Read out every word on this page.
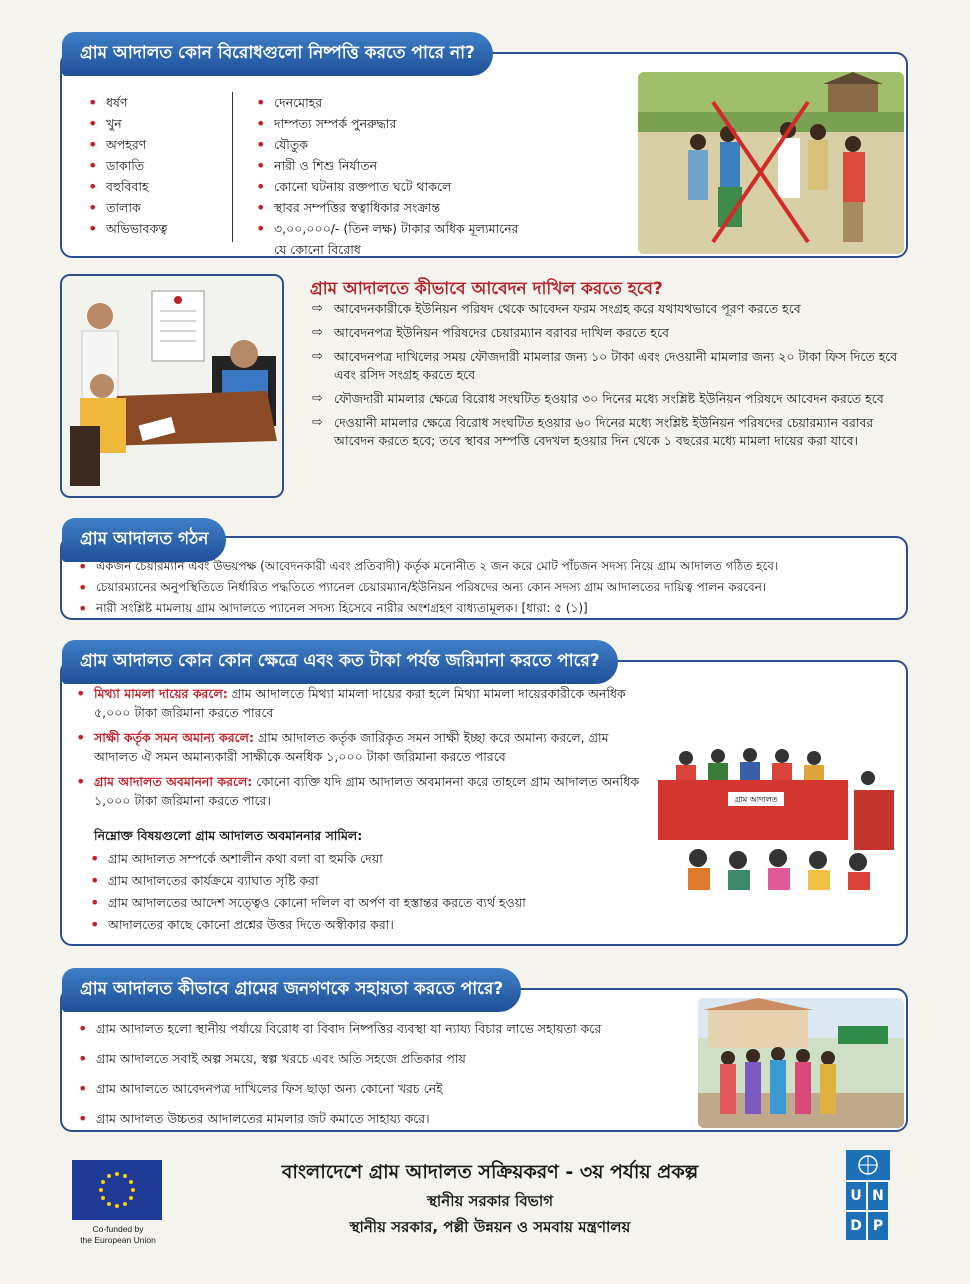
গ্রাম আদালত কোন বিরোধগুলো নিষ্পত্তি করতে পারে না?
• ধর্ষণ
• খুন
• অপহরণ
• ডাকাতি
• বহুবিবাহ
• তালাক
• অভিভাবকত্ব
• দেনমোহর
• দাম্পত্য সম্পর্ক পুনরুদ্ধার
• যৌতুক
• নারী ও শিশু নির্যাতন
• কোনো ঘটনায় রক্তপাত ঘটে থাকলে
• স্থাবর সম্পত্তির স্বত্বাধিকার সংক্রান্ত
• ৩,০০,০০০/- (তিন লক্ষ) টাকার অধিক মূল্যমানের যে কোনো বিরোধ
গ্রাম আদালতে কীভাবে আবেদন দাখিল করতে হবে?
⇨ আবেদনকারীকে ইউনিয়ন পরিষদ থেকে আবেদন ফরম সংগ্রহ করে যথাযথভাবে পূরণ করতে হবে
⇨ আবেদনপত্র ইউনিয়ন পরিষদের চেয়ারম্যান বরাবর দাখিল করতে হবে
⇨ আবেদনপত্র দাখিলের সময় ফৌজদারী মামলার জন্য ১০ টাকা এবং দেওয়ানী মামলার জন্য ২০ টাকা ফিস দিতে হবে এবং রসিদ সংগ্রহ করতে হবে
⇨ ফৌজদারী মামলার ক্ষেত্রে বিরোধ সংঘটিত হওয়ার ৩০ দিনের মধ্যে সংশ্লিষ্ট ইউনিয়ন পরিষদে আবেদন করতে হবে
⇨ দেওয়ানী মামলার ক্ষেত্রে বিরোধ সংঘটিত হওয়ার ৬০ দিনের মধ্যে সংশ্লিষ্ট ইউনিয়ন পরিষদের চেয়ারম্যান বরাবর আবেদন করতে হবে; তবে স্থাবর সম্পত্তি বেদখল হওয়ার দিন থেকে ১ বছরের মধ্যে মামলা দায়ের করা যাবে।
গ্রাম আদালত গঠন
• একজন চেয়ারম্যান এবং উভয়পক্ষ (আবেদনকারী এবং প্রতিবাদী) কর্তৃক মনোনীত ২ জন করে মোট পাঁচজন সদস্য নিয়ে গ্রাম আদালত গঠিত হবে।
• চেয়ারম্যানের অনুপস্থিতিতে নির্ধারিত পদ্ধতিতে প্যানেল চেয়ারম্যান/ইউনিয়ন পরিষদের অন্য কোন সদস্য গ্রাম আদালতের দায়িত্ব পালন করবেন।
• নারী সংশ্লিষ্ট মামলায় গ্রাম আদালতে প্যানেল সদস্য হিসেবে নারীর অংশগ্রহণ বাধ্যতামূলক। [ধারা: ৫ (১)]
গ্রাম আদালত কোন কোন ক্ষেত্রে এবং কত টাকা পর্যন্ত জরিমানা করতে পারে?
• মিথ্যা মামলা দায়ের করলে: গ্রাম আদালতে মিথ্যা মামলা দায়ের করা হলে মিথ্যা মামলা দায়েরকারীকে অনধিক ৫,০০০ টাকা জরিমানা করতে পারবে
• সাক্ষী কর্তৃক সমন অমান্য করলে: গ্রাম আদালত কর্তৃক জারিকৃত সমন সাক্ষী ইচ্ছা করে অমান্য করলে, গ্রাম আদালত ঐ সমন অমান্যকারী সাক্ষীকে অনধিক ১,০০০ টাকা জরিমানা করতে পারবে
• গ্রাম আদালত অবমাননা করলে: কোনো ব্যক্তি যদি গ্রাম আদালত অবমাননা করে তাহলে গ্রাম আদালত অনধিক ১,০০০ টাকা জরিমানা করতে পারে।
নিম্নোক্ত বিষয়গুলো গ্রাম আদালত অবমাননার সামিল:
• গ্রাম আদালত সম্পর্কে অশালীন কথা বলা বা হুমকি দেয়া
• গ্রাম আদালতের কার্যক্রমে ব্যাঘাত সৃষ্টি করা
• গ্রাম আদালতের আদেশ সত্ত্বেও কোনো দলিল বা অর্পণ বা হস্তান্তর করতে ব্যর্থ হওয়া
• আদালতের কাছে কোনো প্রশ্নের উত্তর দিতে অস্বীকার করা।
গ্রাম আদালত
গ্রাম আদালত কীভাবে গ্রামের জনগণকে সহায়তা করতে পারে?
• গ্রাম আদালত হলো স্থানীয় পর্যায়ে বিরোধ বা বিবাদ নিষ্পত্তির ব্যবস্থা যা ন্যায্য বিচার লাভে সহায়তা করে
• গ্রাম আদালতে সবাই অল্প সময়ে, স্বল্প খরচে এবং অতি সহজে প্রতিকার পায়
• গ্রাম আদালতে আবেদনপত্র দাখিলের ফিস ছাড়া অন্য কোনো খরচ নেই
• গ্রাম আদালত উচ্চতর আদালতের মামলার জট কমাতে সাহায্য করে।
Co-funded by
the European Union
বাংলাদেশে গ্রাম আদালত সক্রিয়করণ - ৩য় পর্যায় প্রকল্প
স্থানীয় সরকার বিভাগ
স্থানীয় সরকার, পল্লী উন্নয়ন ও সমবায় মন্ত্রণালয়
U N
D P
